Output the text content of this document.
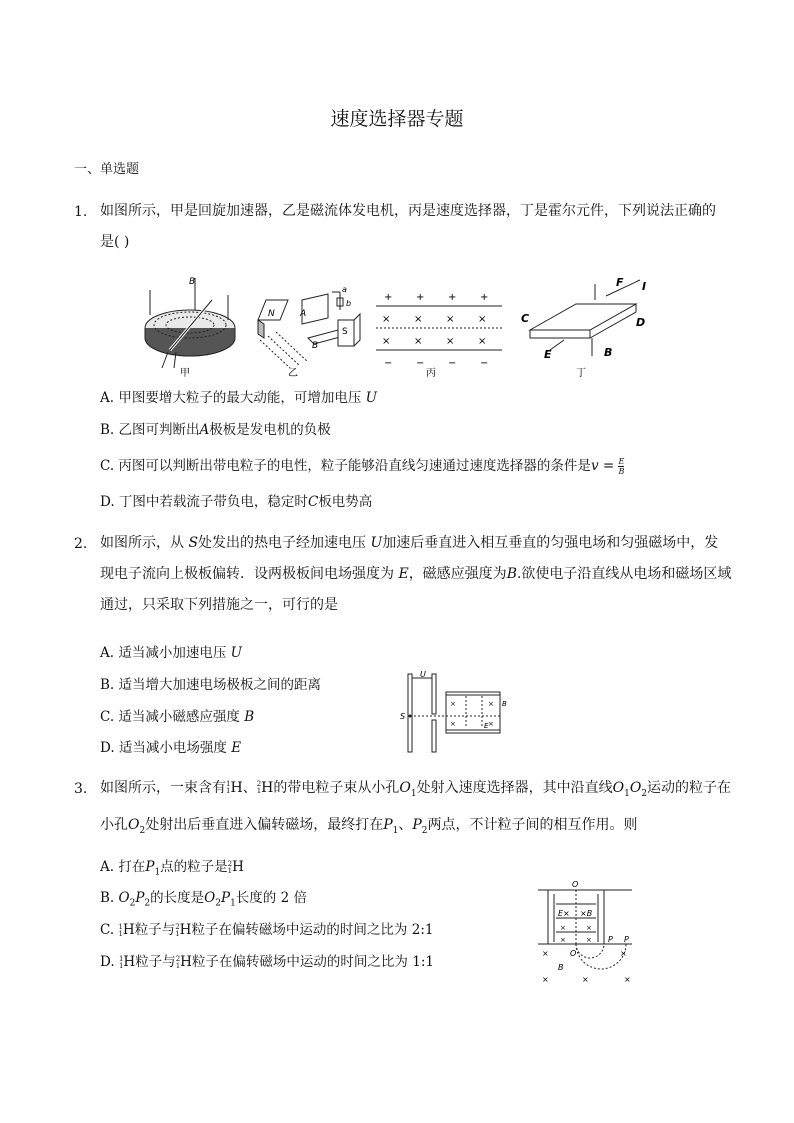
速度选择器专题
一、单选题
1. 如图所示，甲是回旋加速器，乙是磁流体发电机，丙是速度选择器，丁是霍尔元件，下列说法正确的
是( )
B
甲
N	A
B
S
a
b
乙
+ + + +
− − − −
× × × ×
× × × ×
丙
C	D
F I
E	B
丁
A. 甲图要增大粒子的最大动能，可增加电压 U
B. 乙图可判断出A极板是发电机的负极
C. 丙图可以判断出带电粒子的电性，粒子能够沿直线匀速通过速度选择器的条件是$v = \frac{E}{B}$
D. 丁图中若载流子带负电，稳定时C板电势高
2. 如图所示，从 S处发出的热电子经加速电压 U加速后垂直进入相互垂直的匀强电场和匀强磁场中，发
现电子流向上极板偏转．设两极板间电场强度为 E，磁感应强度为B.欲使电子沿直线从电场和磁场区域
通过，只采取下列措施之一，可行的是
A. 适当减小加速电压 U
B. 适当增大加速电场极板之间的距离
C. 适当减小磁感应强度 B
D. 适当减小电场强度 E
S
U
×	×
×	×
B
E
3. 如图所示，一束含有 1
1 H、 2
1 H的带电粒子束从小孔$O_1$处射入速度选择器，其中沿直线$O_1O_2$运动的粒子在
小孔$O_2$处射出后垂直进入偏转磁场，最终打在$P_1$、$P_2$两点，不计粒子间的相互作用。则
A. 打在$P_1$点的粒子是 2
1 H
B. $O_2P_2$的长度是$O_2P_1$长度的 2 倍
C. 1
1 H粒子与 2
1 H粒子在偏转磁场中运动的时间之比为 2:1
D. 1
1 H粒子与 2
1 H粒子在偏转磁场中运动的时间之比为 1:1
O
E× ×B
O
P P
B
×	×
×	×	×
×	×
×	×
